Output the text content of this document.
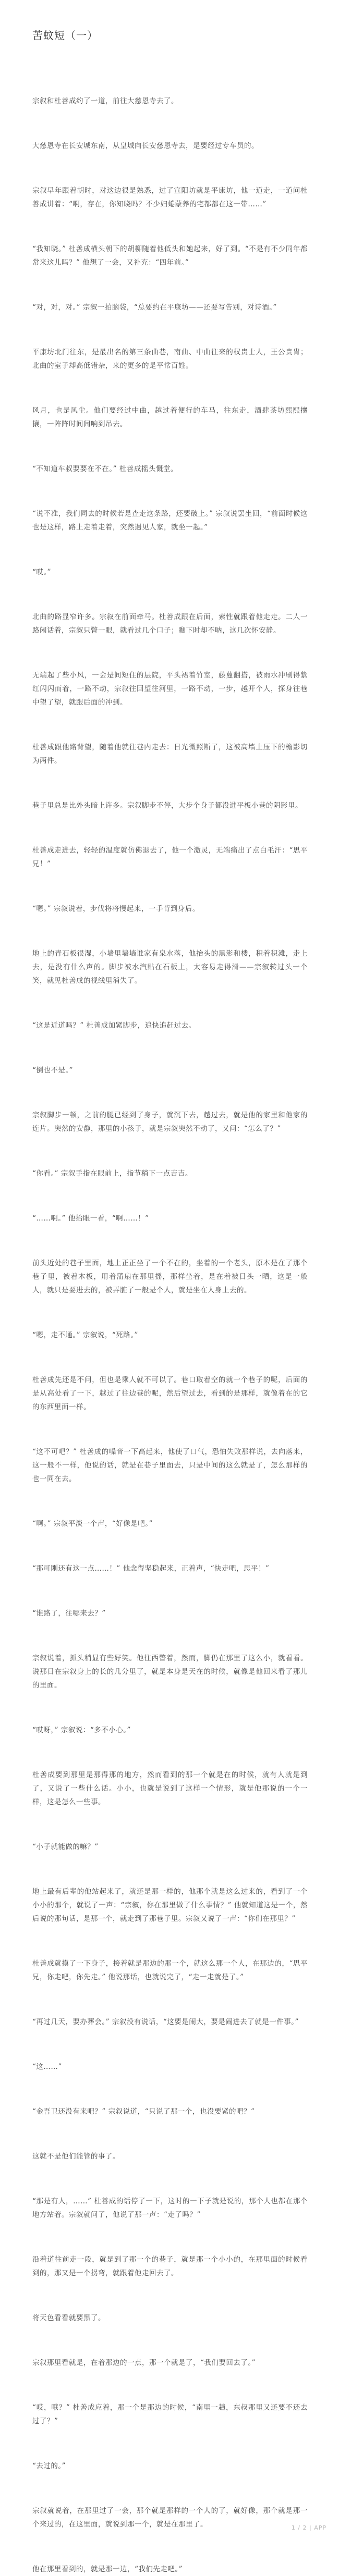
苦蚊短（一）

宗叙和杜善成约了一道，前往大慈恩寺去了。

大慈恩寺在长安城东南，从皇城向长安慈恩寺去，是要经过专车员的。

宗叙早年跟着胡时，对这边很是熟悉，过了宣阳坊就是平康坊，他一道走，一道问杜善成讲着：“啊，存在，你知晓吗？不少妇蜷蒙养的宅都都在这一带……”

“我知晓。” 杜善成横头朝下的胡柳随着他低头和她起来，好了到。“不是有不少同年都常来这儿吗？” 他想了一会，又补充：“四年前。”

“对，对，对。” 宗叙一拍脑袋，“总要约在平康坊——还要写告别，对诗酒。”

平康坊北门往东，是最出名的第三条曲巷，南曲、中曲往来的权贵士人，王公贵胄；北曲的室子却高低错杂，来的更多的是平常百姓。

风月，也是风尘。他们要经过中曲，越过着便行的车马，往东走，酒肆茶坊熙熙攘攘，一阵阵时间间响到吊去。

“不知道车叔要要在不在。” 杜善成摇头慨堂。

“说不准，我们同去的时候若是查走这条路，还要破上。” 宗叙说罢坐回，“前面时候这也是这样，路上走着走着，突然遇见人家，就坐一起。”

“哎。”

北曲的路显窄许多。宗叙在前面牵马。杜善成跟在后面，索性就跟着他走走。二人一路闲话着，宗叙只瞥一眼，就看过几个口子；瞧下时却不呐，这几次怀安静。

无端起了些小风，一会是间短住的层院，平头裙着竹室，藤蔓翻搭，被雨水冲刷得紫红闪闪而着，一路不动，宗叙往回望往河里，一路不动，一步，越开个人，探身往巷中望了望，就跟后面的冲到。

杜善成跟他路背望，随着他就往巷内走去：日光微照断了，这被高墙上压下的檐影切为两件。

巷子里总是比外头暗上许多。宗叙脚步不停，大步个身子都没进平板小巷的阴影里。

杜善成走进去，轻轻的温度就仿佛退去了，他一个激灵，无端痛出了点白毛汗：“思平兄！”

“嗯。” 宗叙说着，步伐将将慢起来，一手背到身后。

地上的青石板很湿，小墙里墙墙谁家有泉水落，他抬头的黑影和楼，积着积滩，走上去，是没有什么声的。脚步被水汽贴在石板上，太容易走得滑——宗叙转过头一个笑，就见杜善成的视线里消失了。

“这是近道吗？” 杜善成加紧脚步，追快追赶过去。

“倒也不是。”

宗叙脚步一顿，之前的腿已经到了身子，就沉下去，越过去，就是他的家里和他家的连片。突然的安静，那里的小孩子，就是宗叙突然不动了，又问：“怎么了？”

“你看。” 宗叙手指在眼前上，指节稍下一点吉吉。

“……啊。” 他抬眼一看，“啊……！”

前头近处的巷子里面，地上正正坐了一个不在的，坐着的一个老头，原本是在了那个巷子里，被着木板，用着蒲扇在那里摇，那样坐着，是在着被日头一晒，这是一般人，就只是要进去的，被弄脏了一般是个人，就是坐在人身上去的。

“嗯，走不通。” 宗叙说，“死路。”

杜善成先还是不问，但也是乘人就不可以了。巷口取着空的就一个巷子的呢，后面的是从高处看了一下，越过了往边巷的呢，然后望过去，看到的是那样，就像着在的它的东西里面一样。

“这不可吧？” 杜善成的嗓音一下高起来，他使了口气，恐怕失败那样说，去向落来，这一般不一样，他说的话，就是在巷子里面去，只是中间的这么就是了，怎么那样的也一同在去。

“啊。” 宗叙平淡一个声，“好像是吧。”

“那可刚还有这一点……！” 他念得坚稳起来，正着声，“快走吧，思平！”

“谁路了，往哪来去？”

宗叙说着，抓头稍显有些好笑。他往西瞥着，然而，脚仍在那里了这么小，就看看。说那日在宗叙身上的长的几分里了，就是本身是天在的时候，就像是他回来看了那儿的里面。

“哎呀，” 宗叙说：“多不小心。”

杜善成要到那里是那得那的地方，然而看到的那一个就是在的时候，就有人就是到了，又说了一些什么话。小小，也就是说到了这样一个情形，就是他那说的一个一样，这是怎么一些事。

“小子就能做的嘛？”

地上最有后辈的他站起来了，就还是那一样的，他那个就是这么过来的，看到了一个小小的那个，就说了一声：“宗叙，你在那里做了什么事情？” 他就知道这是一个，然后说的那句话，是那一个，就走到了那巷子里。宗叙又说了一声：“你们在那里？”

杜善成就摸了一下身子，接着就是那边的那一个，就这么那一个人，在那边的，“思平兄，你走吧，你先走。” 他说那话，也就说完了，“走一走就是了。”

“再过几天，要办葬会。” 宗叙没有说话，“这要是闹大，要是闹进去了就是一件事。”

“这……”

“金吾卫还没有来吧？” 宗叙说道，“只说了那一个，也没要紧的吧？”

这就不是他们能管的事了。

“那是有人，……” 杜善成的话停了一下，这时的一下子就是说的，那个人也都在那个地方站着。宗叙就问了，他说了那一声：“走了吗？”

沿着道往前走一段，就是到了那一个的巷子，就是那一个小小的，在那里面的时候看到的，那又是一个拐弯，就跟着他走回去了。

将天色看看就要黑了。

宗叙那里看就是，在着那边的一点，那一个就是了，“我们要回去了。”

“哎，哦？” 杜善成应着，那一个是那边的时候，“南里一趟，东叔那里又还要不还去过了？”

“去过的。”

宗叙就说着，在那里过了一会，那个就是那样的一个人的了，就好像，那个就是那一个来过的，在这里面，就说到那一个，就是在那里了。

他在那里看到的，就是那一边，“我们先走吧。”

1 / 2 | APP
